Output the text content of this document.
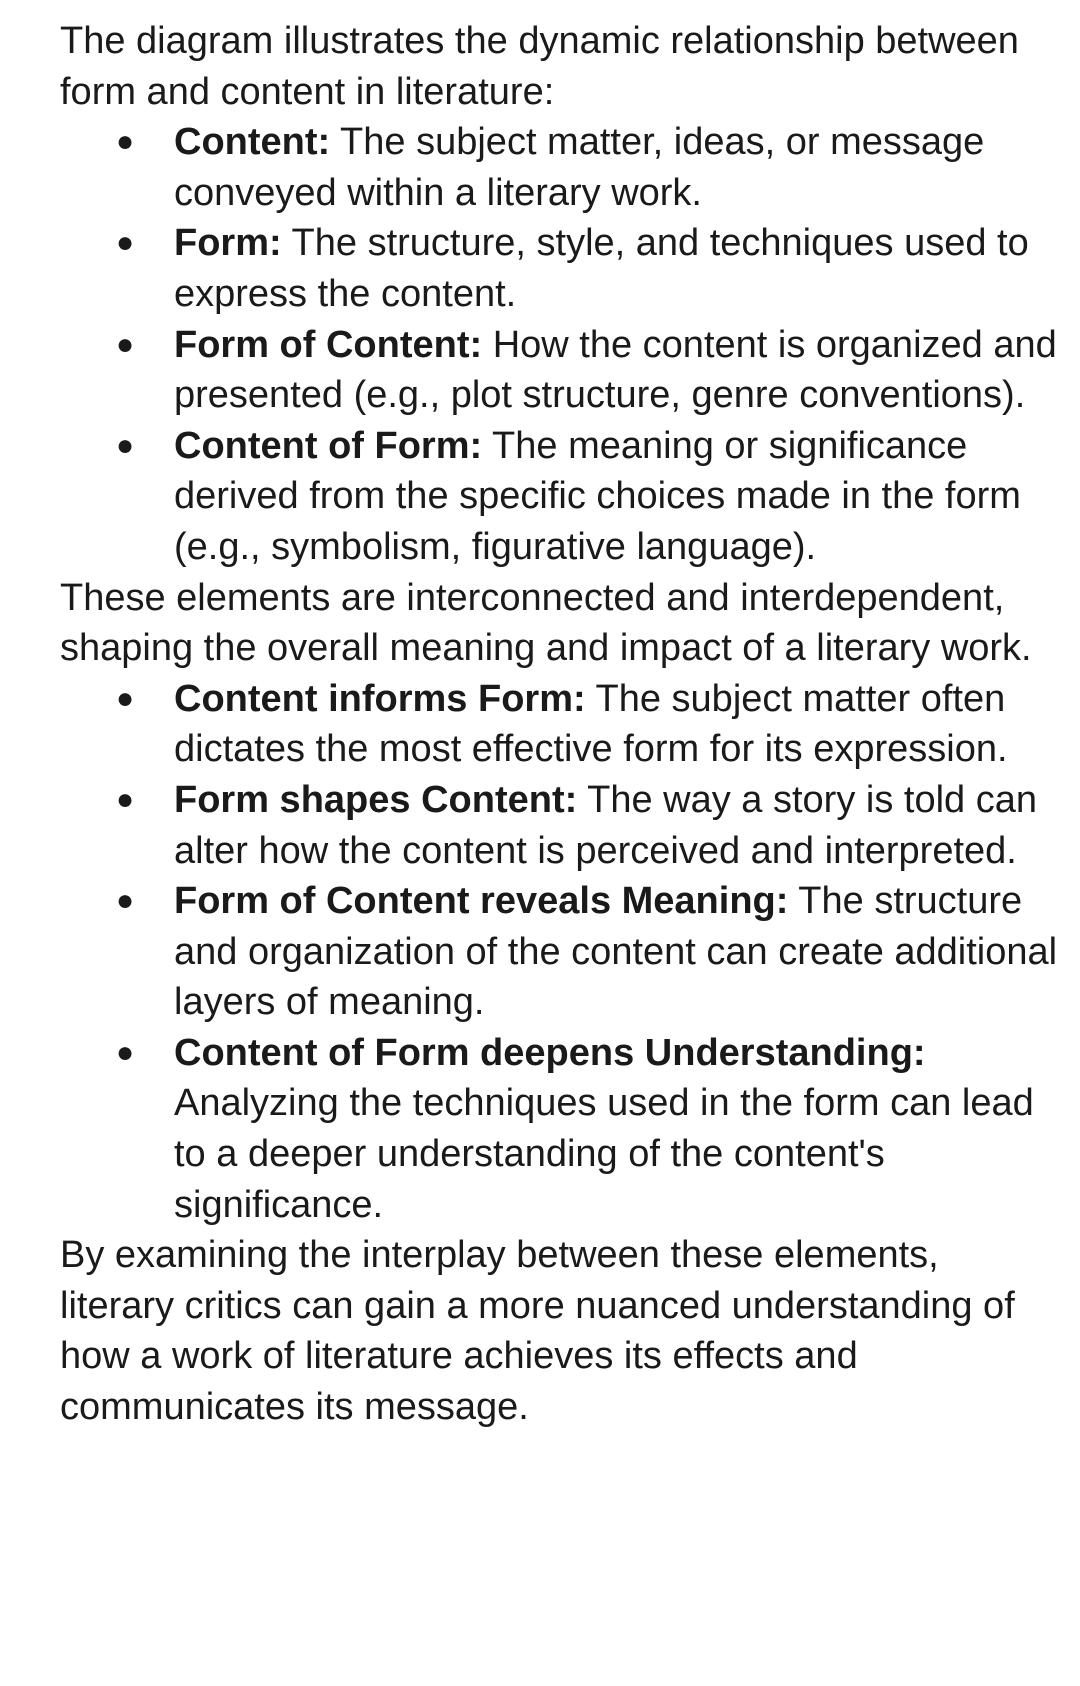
The diagram illustrates the dynamic relationship between form and content in literature:

● Content: The subject matter, ideas, or message conveyed within a literary work.
● Form: The structure, style, and techniques used to express the content.
● Form of Content: How the content is organized and presented (e.g., plot structure, genre conventions).
● Content of Form: The meaning or significance derived from the specific choices made in the form (e.g., symbolism, figurative language).

These elements are interconnected and interdependent, shaping the overall meaning and impact of a literary work.

● Content informs Form: The subject matter often dictates the most effective form for its expression.
● Form shapes Content: The way a story is told can alter how the content is perceived and interpreted.
● Form of Content reveals Meaning: The structure and organization of the content can create additional layers of meaning.
● Content of Form deepens Understanding: Analyzing the techniques used in the form can lead to a deeper understanding of the content's significance.

By examining the interplay between these elements, literary critics can gain a more nuanced understanding of how a work of literature achieves its effects and communicates its message.
